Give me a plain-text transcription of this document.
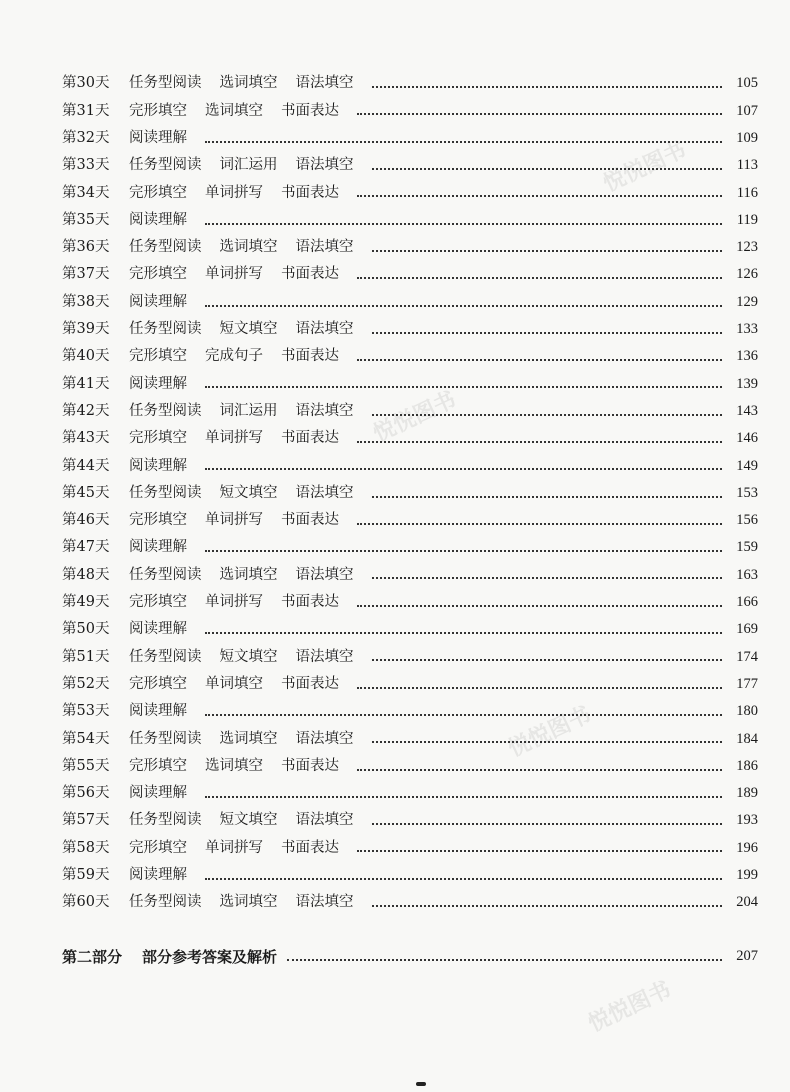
悦悦图书
悦悦图书
悦悦图书
悦悦图书
第30天	任务型阅读 选词填空 语法填空	105
第31天	完形填空 选词填空 书面表达	107
第32天	阅读理解	109
第33天	任务型阅读 词汇运用 语法填空	113
第34天	完形填空 单词拼写 书面表达	116
第35天	阅读理解	119
第36天	任务型阅读 选词填空 语法填空	123
第37天	完形填空 单词拼写 书面表达	126
第38天	阅读理解	129
第39天	任务型阅读 短文填空 语法填空	133
第40天	完形填空 完成句子 书面表达	136
第41天	阅读理解	139
第42天	任务型阅读 词汇运用 语法填空	143
第43天	完形填空 单词拼写 书面表达	146
第44天	阅读理解	149
第45天	任务型阅读 短文填空 语法填空	153
第46天	完形填空 单词拼写 书面表达	156
第47天	阅读理解	159
第48天	任务型阅读 选词填空 语法填空	163
第49天	完形填空 单词拼写 书面表达	166
第50天	阅读理解	169
第51天	任务型阅读 短文填空 语法填空	174
第52天	完形填空 单词填空 书面表达	177
第53天	阅读理解	180
第54天	任务型阅读 选词填空 语法填空	184
第55天	完形填空 选词填空 书面表达	186
第56天	阅读理解	189
第57天	任务型阅读 短文填空 语法填空	193
第58天	完形填空 单词拼写 书面表达	196
第59天	阅读理解	199
第60天	任务型阅读 选词填空 语法填空	204
第二部分 部分参考答案及解析	207
